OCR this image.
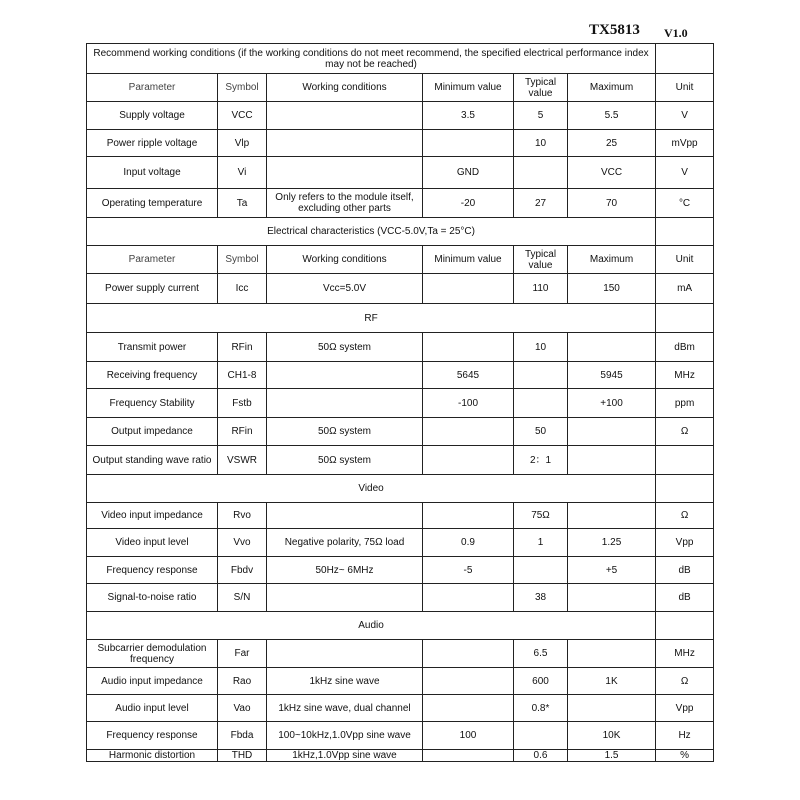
TX5813 V1.0
Recommend working conditions (if the working conditions do not meet recommend, the specified electrical performance index may not be reached)						
Parameter	Symbol	Working conditions	Minimum value	Typical value	Maximum	Unit
Supply voltage	VCC		3.5	5	5.5	V
Power ripple voltage	Vlp			10	25	mVpp
Input voltage	Vi		GND		VCC	V
Operating temperature	Ta	Only refers to the module itself, excluding other parts	-20	27	70	°C
Electrical characteristics (VCC-5.0V,Ta = 25°C)						
Parameter	Symbol	Working conditions	Minimum value	Typical value	Maximum	Unit
Power supply current	Icc	Vcc=5.0V		110	150	mA
RF						
Transmit power	RFin	50Ω system		10		dBm
Receiving frequency	CH1-8		5645		5945	MHz
Frequency Stability	Fstb		-100		+100	ppm
Output impedance	RFin	50Ω system		50		Ω
Output standing wave ratio	VSWR	50Ω system		2：1		
Video						
Video input impedance	Rvo			75Ω		Ω
Video input level	Vvo	Negative polarity, 75Ω load	0.9	1	1.25	Vpp
Frequency response	Fbdv	50Hz~ 6MHz	-5		+5	dB
Signal-to-noise ratio	S/N			38		dB
Audio						
Subcarrier demodulation frequency	Far			6.5		MHz
Audio input impedance	Rao	1kHz sine wave		600	1K	Ω
Audio input level	Vao	1kHz sine wave, dual channel		0.8*		Vpp
Frequency response	Fbda	100~10kHz,1.0Vpp sine wave	100		10K	Hz
Harmonic distortion	THD	1kHz,1.0Vpp sine wave		0.6	1.5	%
